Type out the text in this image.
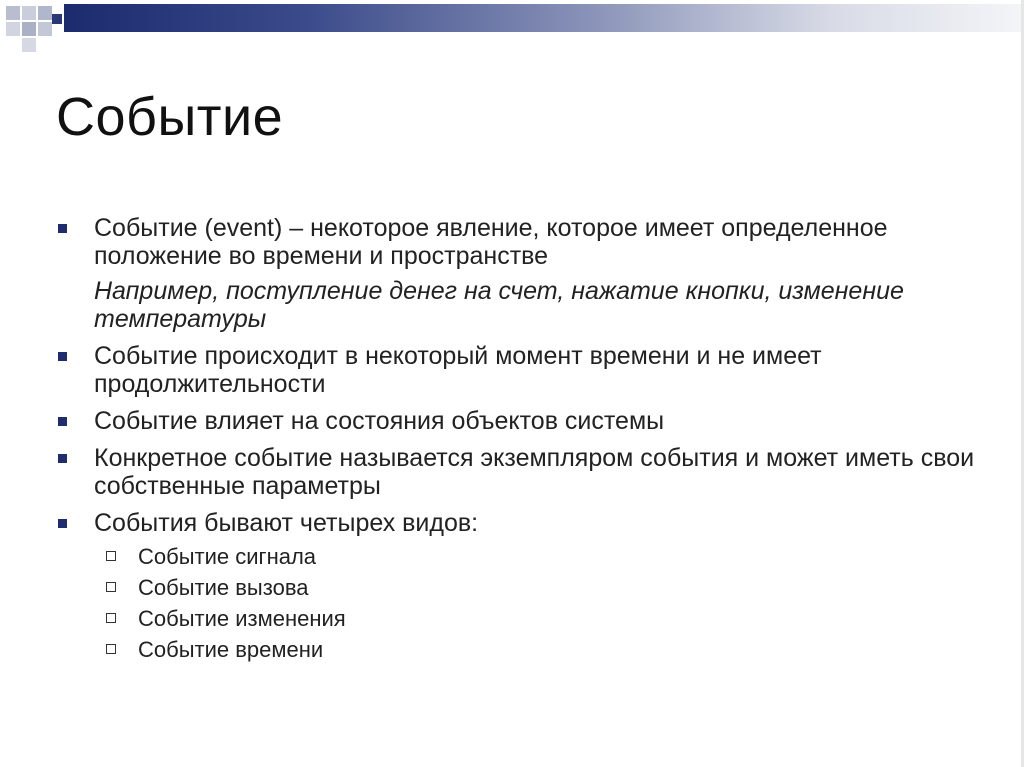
Событие
Событие (event) – некоторое явление, которое имеет определенное положение во времени и пространстве
Например, поступление денег на счет, нажатие кнопки, изменение температуры
Событие происходит в некоторый момент времени и не имеет продолжительности
Событие влияет на состояния объектов системы
Конкретное событие называется экземпляром события и может иметь свои собственные параметры
События бывают четырех видов:
Событие сигнала
Событие вызова
Событие изменения
Событие времени
